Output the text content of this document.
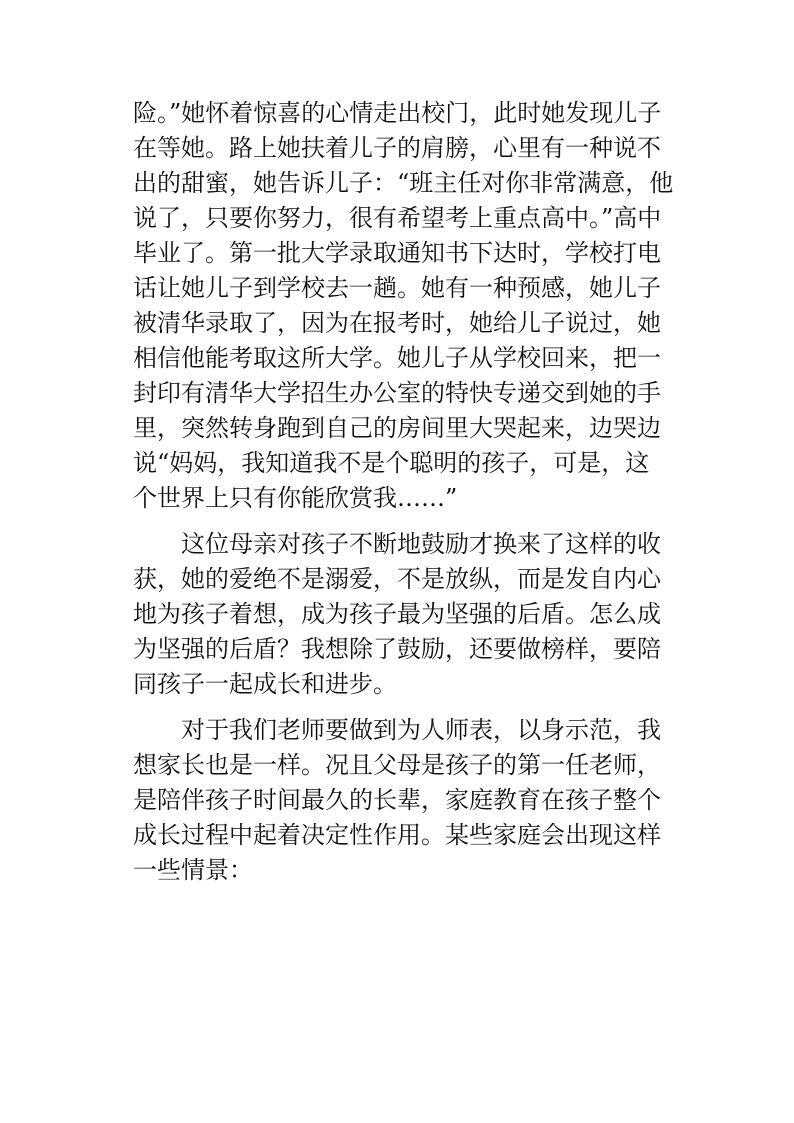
险。”她怀着惊喜的心情走出校门，此时她发现儿子
在等她。路上她扶着儿子的肩膀，心里有一种说不
出的甜蜜，她告诉儿子：“班主任对你非常满意，他
说了，只要你努力，很有希望考上重点高中。”高中
毕业了。第一批大学录取通知书下达时，学校打电
话让她儿子到学校去一趟。她有一种预感，她儿子
被清华录取了，因为在报考时，她给儿子说过，她
相信他能考取这所大学。她儿子从学校回来，把一
封印有清华大学招生办公室的特快专递交到她的手
里，突然转身跑到自己的房间里大哭起来，边哭边
说“妈妈，我知道我不是个聪明的孩子，可是，这
个世界上只有你能欣赏我……”

这位母亲对孩子不断地鼓励才换来了这样的收
获，她的爱绝不是溺爱，不是放纵，而是发自内心
地为孩子着想，成为孩子最为坚强的后盾。怎么成
为坚强的后盾？我想除了鼓励，还要做榜样，要陪
同孩子一起成长和进步。

对于我们老师要做到为人师表，以身示范，我
想家长也是一样。况且父母是孩子的第一任老师，
是陪伴孩子时间最久的长辈，家庭教育在孩子整个
成长过程中起着决定性作用。某些家庭会出现这样
一些情景：
